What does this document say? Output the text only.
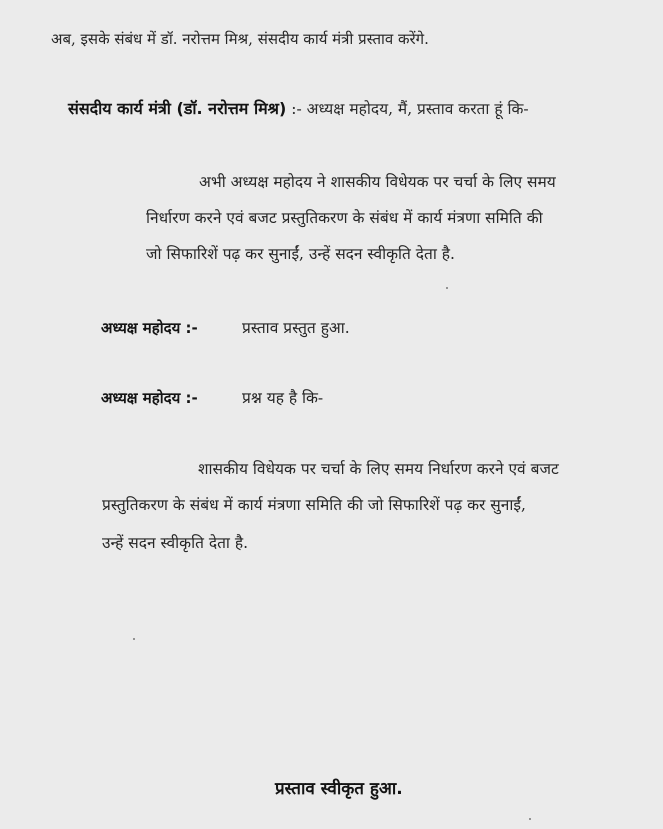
अब, इसके संबंध में डॉ. नरोत्तम मिश्र, संसदीय कार्य मंत्री प्रस्ताव करेंगे.
संसदीय कार्य मंत्री (डॉ. नरोत्तम मिश्र) :- अध्यक्ष महोदय, मैं, प्रस्ताव करता हूं कि-
अभी अध्यक्ष महोदय ने शासकीय विधेयक पर चर्चा के लिए समय
निर्धारण करने एवं बजट प्रस्तुतिकरण के संबंध में कार्य मंत्रणा समिति की
जो सिफारिशें पढ़ कर सुनाईं, उन्हें सदन स्वीकृति देता है.
अध्यक्ष महोदय :-	प्रस्ताव प्रस्तुत हुआ.
अध्यक्ष महोदय :-	प्रश्न यह है कि-
शासकीय विधेयक पर चर्चा के लिए समय निर्धारण करने एवं बजट
प्रस्तुतिकरण के संबंध में कार्य मंत्रणा समिति की जो सिफारिशें पढ़ कर सुनाईं,
उन्हें सदन स्वीकृति देता है.
प्रस्ताव स्वीकृत हुआ.
